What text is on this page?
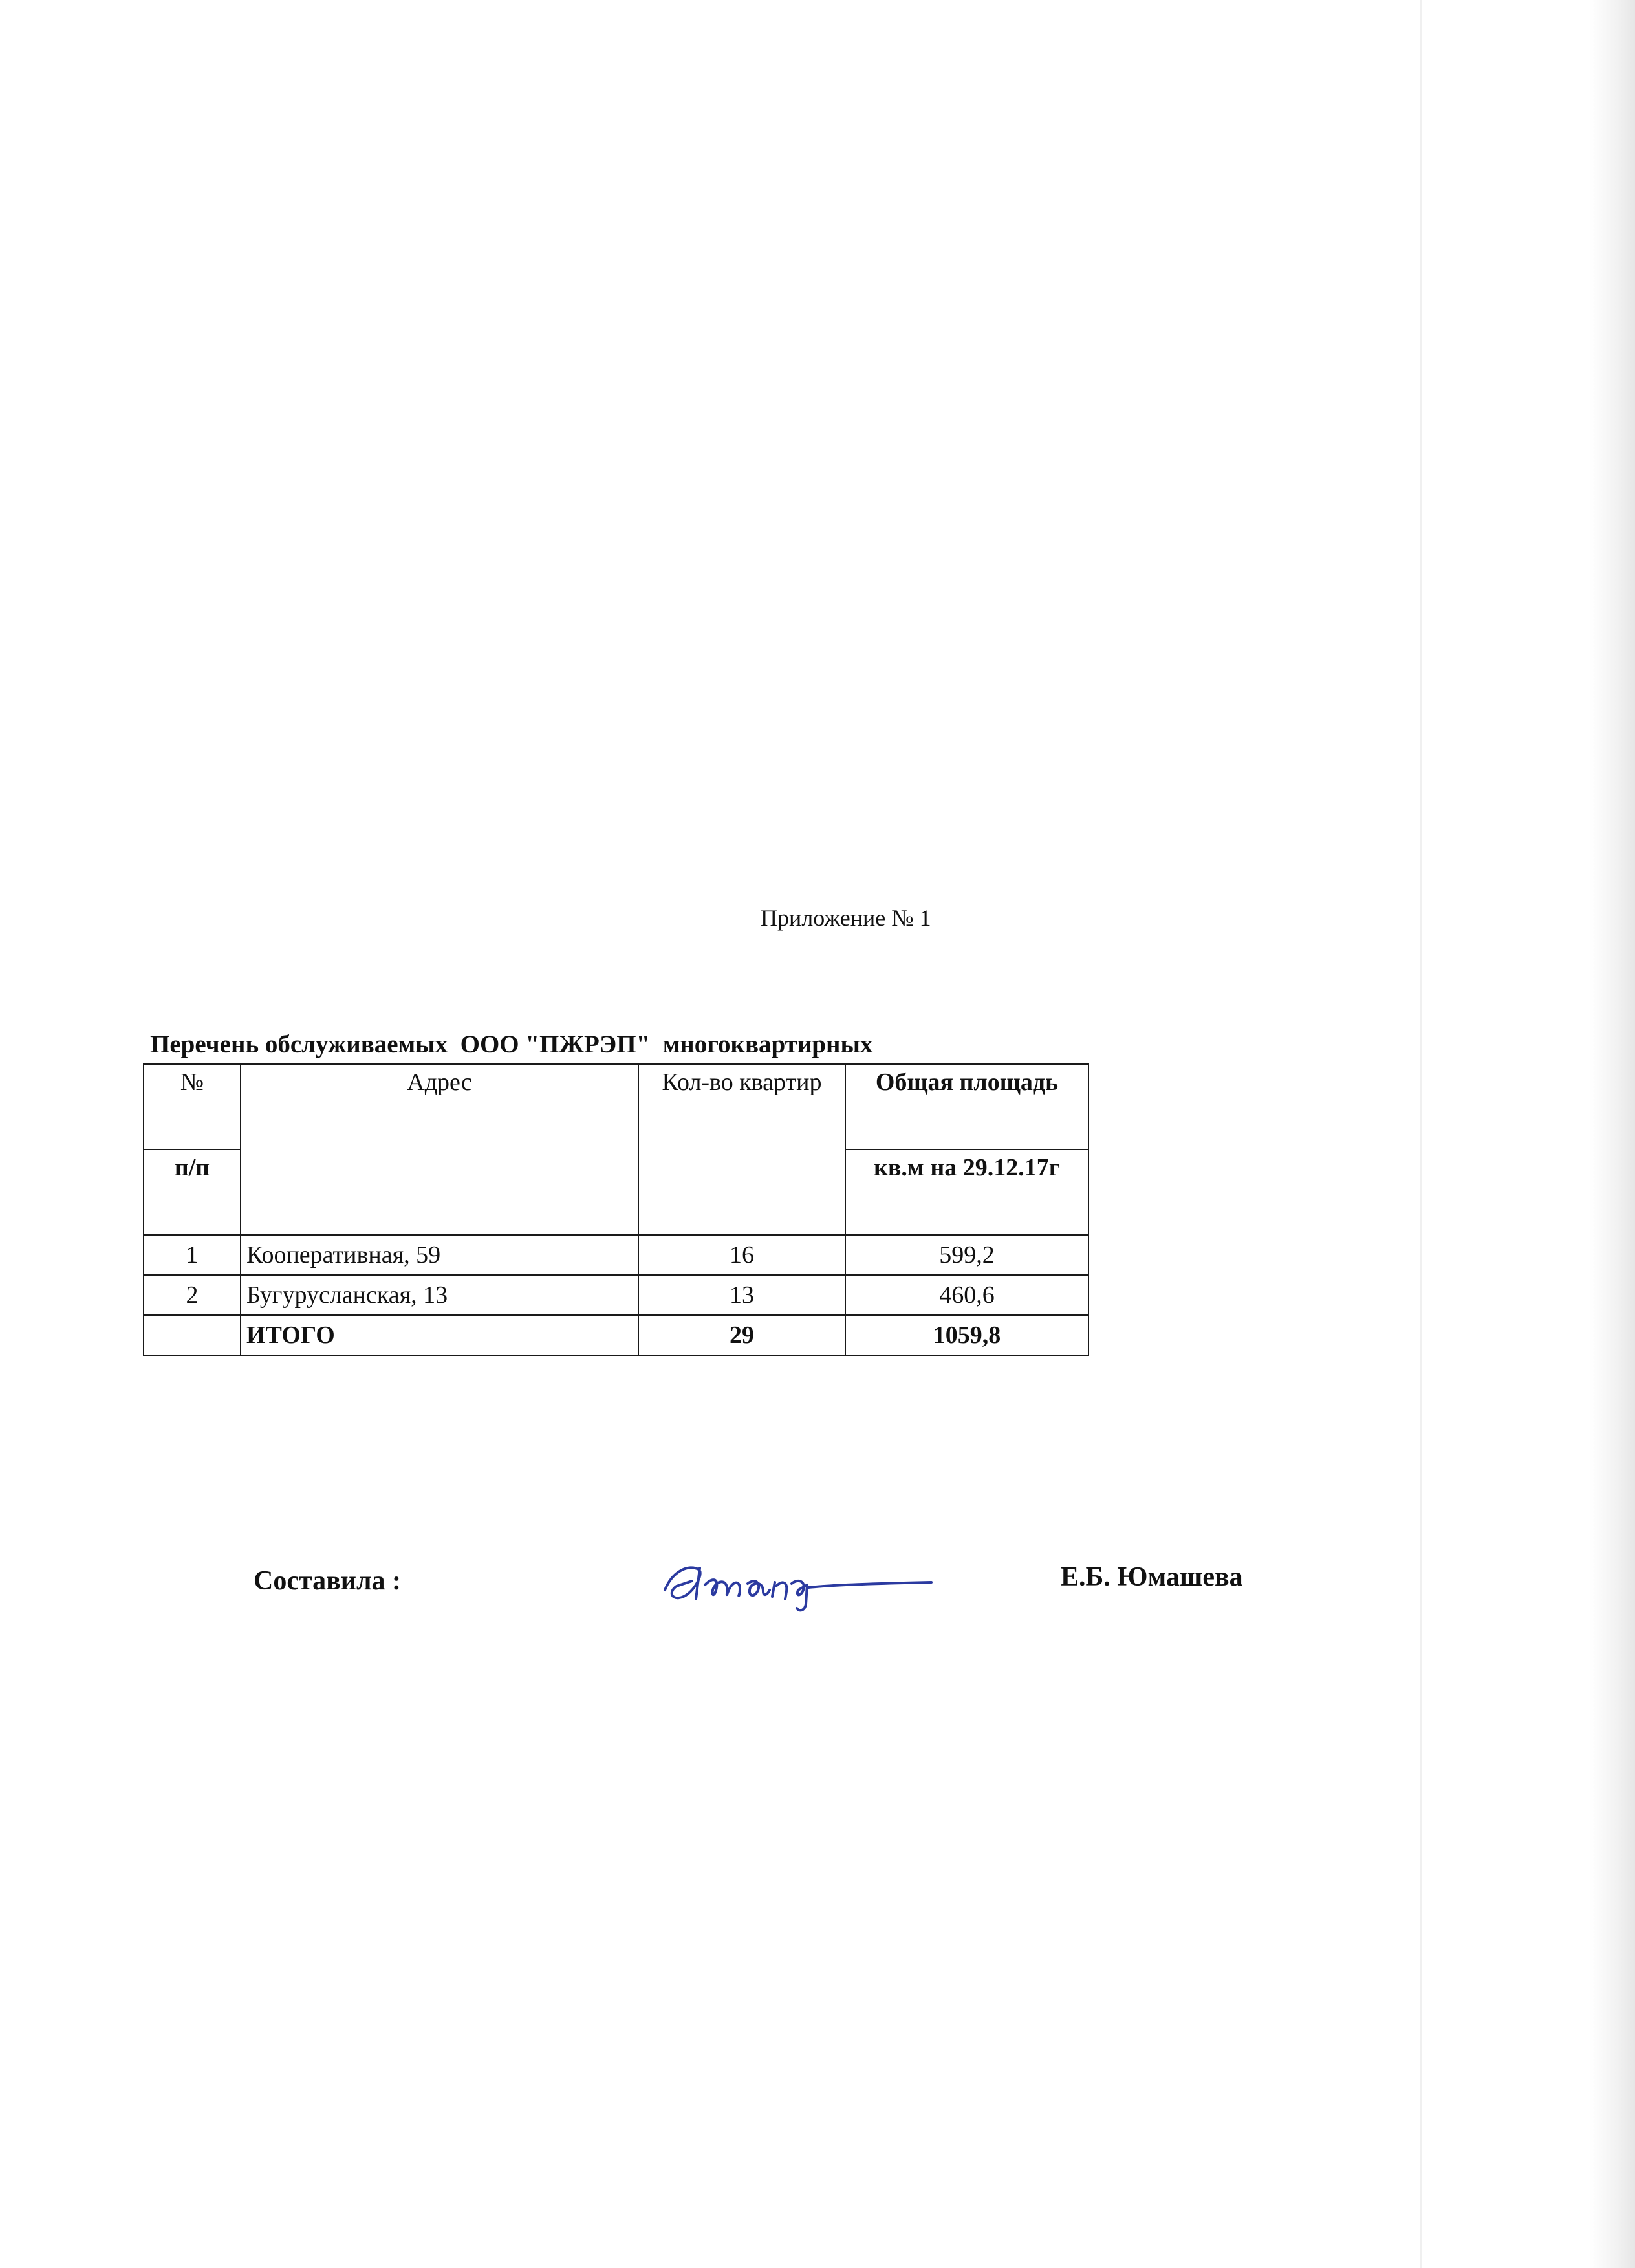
Приложение № 1
Перечень обслуживаемых  ООО "ПЖРЭП"  многоквартирных
№	Адрес	Кол-во квартир	Общая площадь
п/п			кв.м на 29.12.17г
1	Кооперативная, 59	16	599,2
2	Бугурусланская, 13	13	460,6
	ИТОГО	29	1059,8
Составила :	Е.Б. Юмашева
